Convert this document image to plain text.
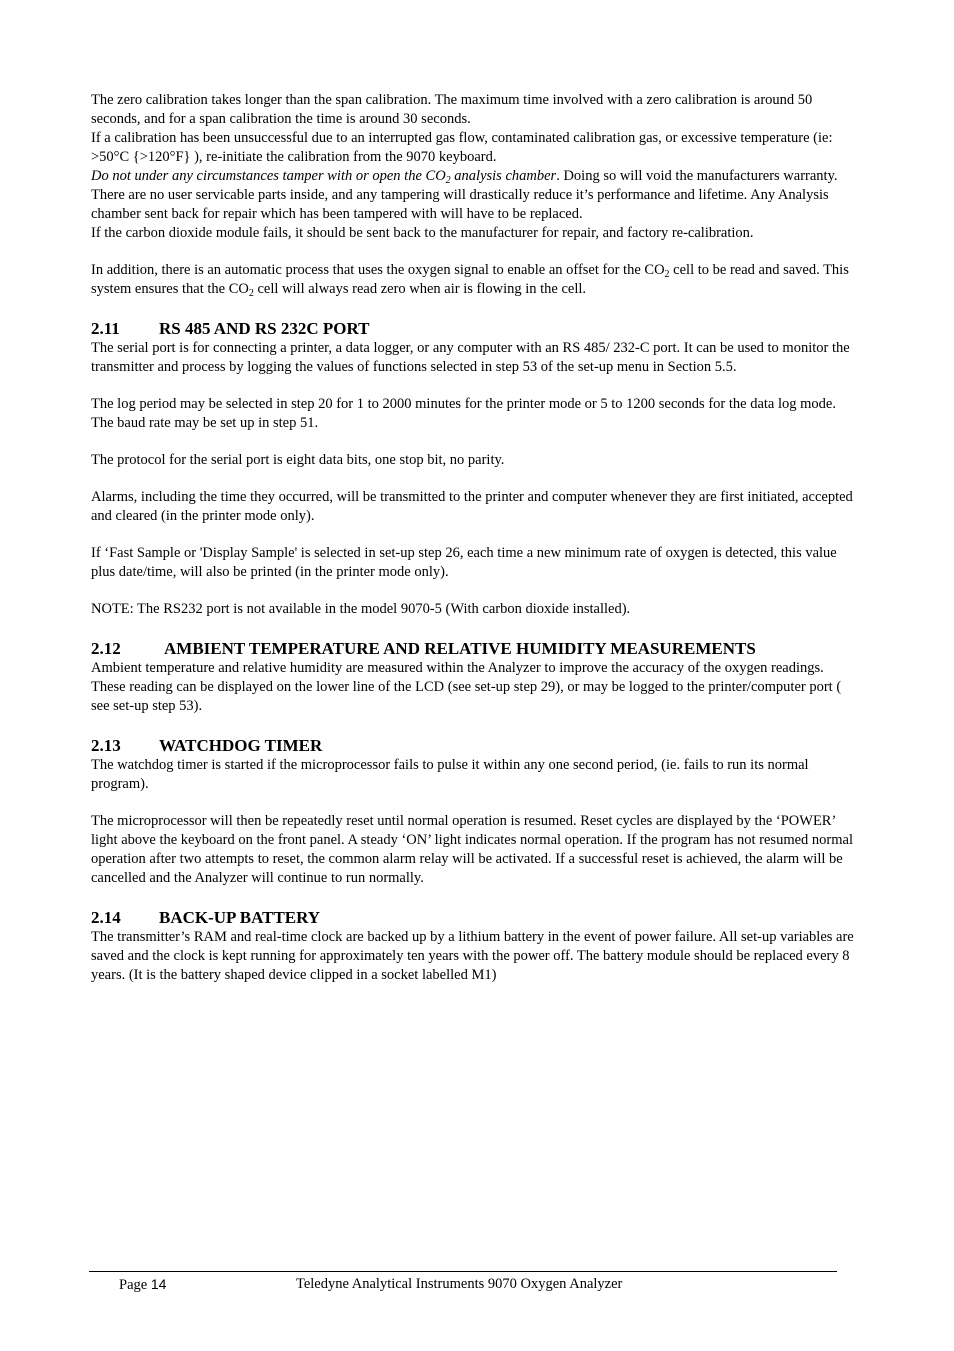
The zero calibration takes longer than the span calibration. The maximum time involved with a zero calibration is around 50 seconds, and for a span calibration the time is around 30 seconds.

If a calibration has been unsuccessful due to an interrupted gas flow, contaminated calibration gas, or excessive temperature (ie: >50°C {>120°F} ), re-initiate the calibration from the 9070 keyboard.

Do not under any circumstances tamper with or open the $CO_2$ analysis chamber. Doing so will void the manufacturers warranty. There are no user servicable parts inside, and any tampering will drastically reduce it’s performance and lifetime. Any Analysis chamber sent back for repair which has been tampered with will have to be replaced.

If the carbon dioxide module fails, it should be sent back to the manufacturer for repair, and factory re-calibration.

In addition, there is an automatic process that uses the oxygen signal to enable an offset for the $CO_2$ cell to be read and saved. This system ensures that the $CO_2$ cell will always read zero when air is flowing in the cell.

2.11	RS 485 AND RS 232C PORT

The serial port is for connecting a printer, a data logger, or any computer with an RS 485/ 232-C port. It can be used to monitor the transmitter and process by logging the values of functions selected in step 53 of the set-up menu in Section 5.5.

The log period may be selected in step 20 for 1 to 2000 minutes for the printer mode or 5 to 1200 seconds for the data log mode. The baud rate may be set up in step 51.

The protocol for the serial port is eight data bits, one stop bit, no parity.

Alarms, including the time they occurred, will be transmitted to the printer and computer whenever they are first initiated, accepted and cleared (in the printer mode only).

If ‘Fast Sample or 'Display Sample' is selected in set-up step 26, each time a new minimum rate of oxygen is detected, this value plus date/time, will also be printed (in the printer mode only).

NOTE: The RS232 port is not available in the model 9070-5 (With carbon dioxide installed).

2.12	AMBIENT TEMPERATURE AND RELATIVE HUMIDITY MEASUREMENTS

Ambient temperature and relative humidity are measured within the Analyzer to improve the accuracy of the oxygen readings. These reading can be displayed on the lower line of the LCD (see set-up step 29), or may be logged to the printer/computer port ( see set-up step 53).

2.13	WATCHDOG TIMER

The watchdog timer is started if the microprocessor fails to pulse it within any one second period, (ie. fails to run its normal program).

The microprocessor will then be repeatedly reset until normal operation is resumed. Reset cycles are displayed by the ‘POWER’ light above the keyboard on the front panel. A steady ‘ON’ light indicates normal operation. If the program has not resumed normal operation after two attempts to reset, the common alarm relay will be activated. If a successful reset is achieved, the alarm will be cancelled and the Analyzer will continue to run normally.

2.14	BACK-UP BATTERY

The transmitter’s RAM and real-time clock are backed up by a lithium battery in the event of power failure. All set-up variables are saved and the clock is kept running for approximately ten years with the power off. The battery module should be replaced every 8 years. (It is the battery shaped device clipped in a socket labelled M1)

Page 14	Teledyne Analytical Instruments 9070 Oxygen Analyzer
